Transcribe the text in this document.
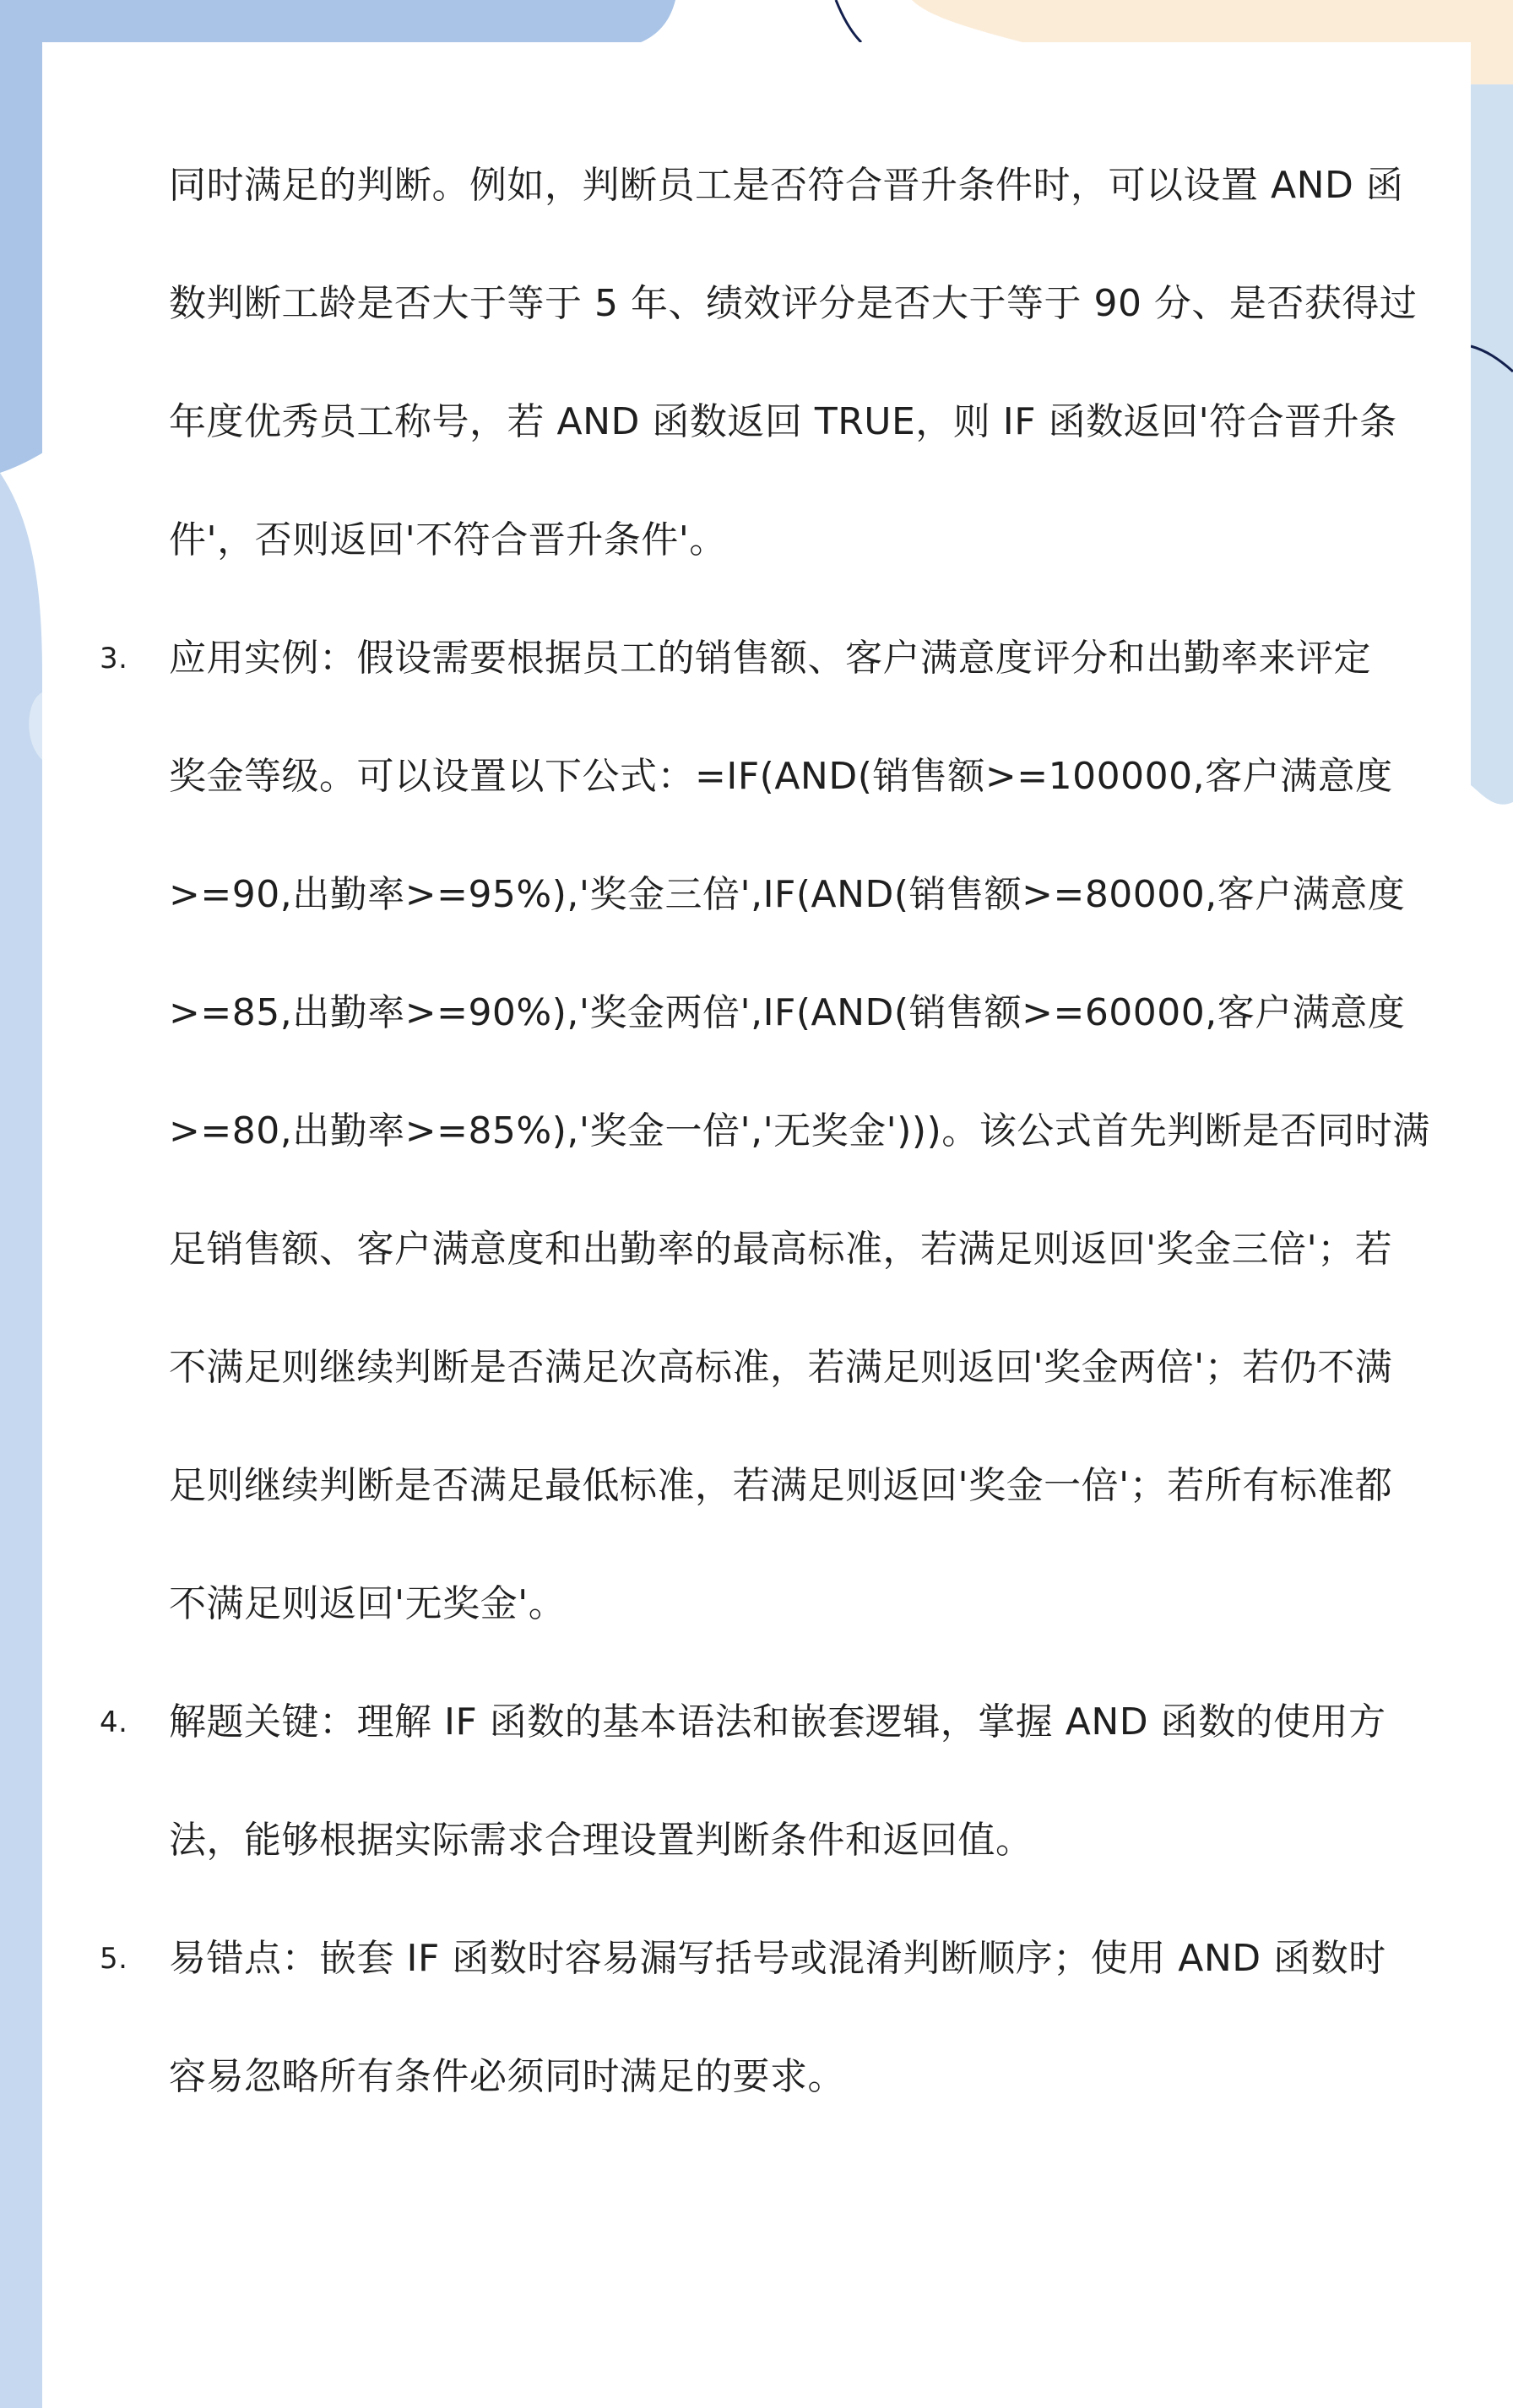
同时满足的判断。例如，判断员工是否符合晋升条件时，可以设置 AND 函
数判断工龄是否大于等于 5 年、绩效评分是否大于等于 90 分、是否获得过
年度优秀员工称号，若 AND 函数返回 TRUE，则 IF 函数返回'符合晋升条
件'，否则返回'不符合晋升条件'。
3.	应用实例：假设需要根据员工的销售额、客户满意度评分和出勤率来评定
奖金等级。可以设置以下公式：=IF(AND(销售额>=100000,客户满意度
>=90,出勤率>=95%),'奖金三倍',IF(AND(销售额>=80000,客户满意度
>=85,出勤率>=90%),'奖金两倍',IF(AND(销售额>=60000,客户满意度
>=80,出勤率>=85%),'奖金一倍','无奖金')))。该公式首先判断是否同时满
足销售额、客户满意度和出勤率的最高标准，若满足则返回'奖金三倍'；若
不满足则继续判断是否满足次高标准，若满足则返回'奖金两倍'；若仍不满
足则继续判断是否满足最低标准，若满足则返回'奖金一倍'；若所有标准都
不满足则返回'无奖金'。
4.	解题关键：理解 IF 函数的基本语法和嵌套逻辑，掌握 AND 函数的使用方
法，能够根据实际需求合理设置判断条件和返回值。
5.	易错点：嵌套 IF 函数时容易漏写括号或混淆判断顺序；使用 AND 函数时
容易忽略所有条件必须同时满足的要求。
